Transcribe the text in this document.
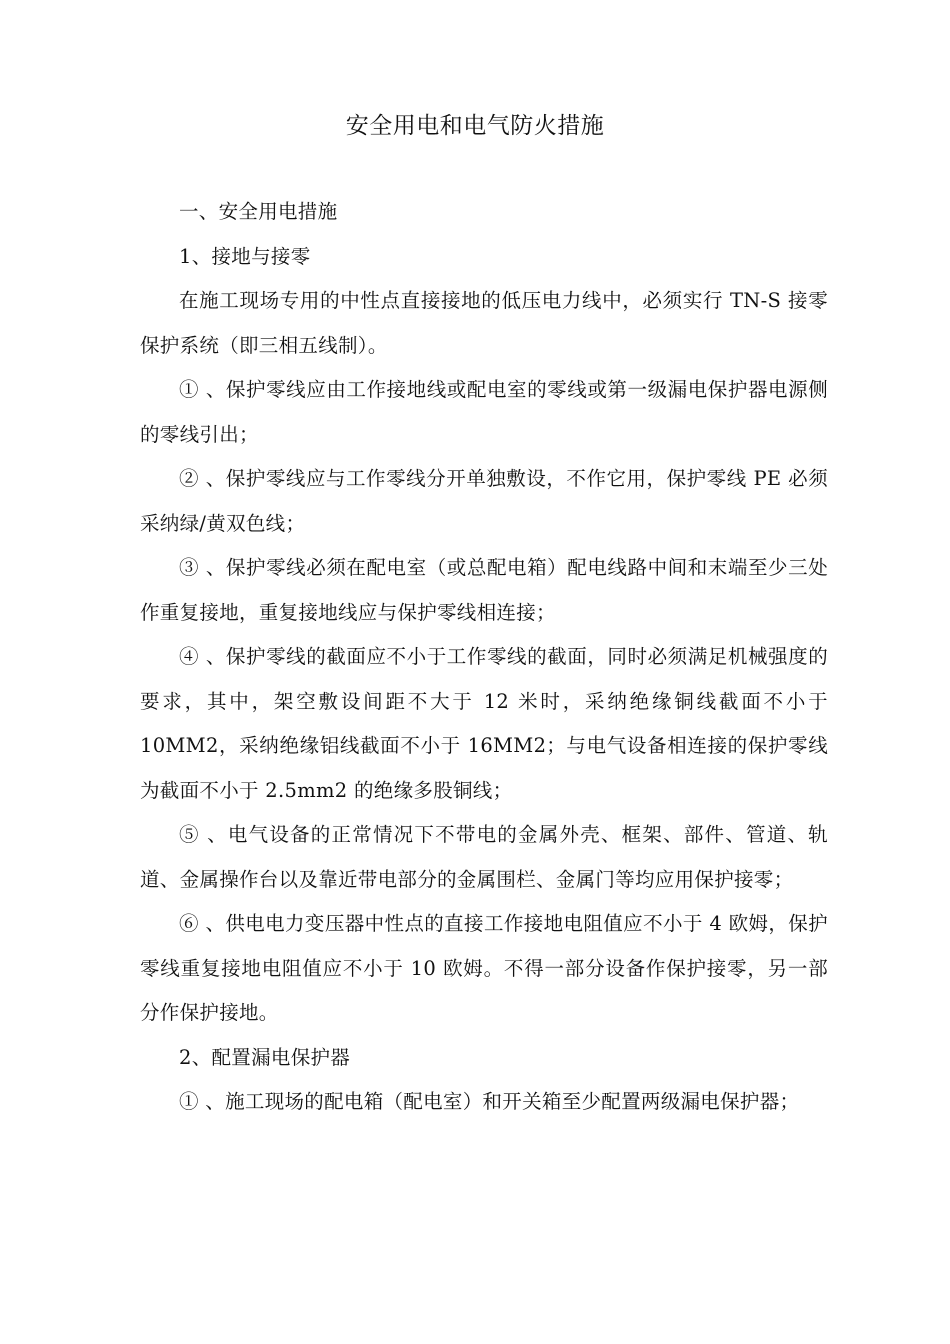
安全用电和电气防火措施

一、安全用电措施

1、接地与接零

在施工现场专用的中性点直接接地的低压电力线中，必须实行 TN-S 接零保护系统（即三相五线制）。

① 、保护零线应由工作接地线或配电室的零线或第一级漏电保护器电源侧的零线引出；

② 、保护零线应与工作零线分开单独敷设，不作它用，保护零线 PE 必须采纳绿/黄双色线；

③ 、保护零线必须在配电室（或总配电箱）配电线路中间和末端至少三处作重复接地，重复接地线应与保护零线相连接；

④ 、保护零线的截面应不小于工作零线的截面，同时必须满足机械强度的要求，其中，架空敷设间距不大于 12 米时，采纳绝缘铜线截面不小于 10MM2，采纳绝缘铝线截面不小于 16MM2；与电气设备相连接的保护零线为截面不小于 2.5mm2 的绝缘多股铜线；

⑤ 、电气设备的正常情况下不带电的金属外壳、框架、部件、管道、轨道、金属操作台以及靠近带电部分的金属围栏、金属门等均应用保护接零；

⑥ 、供电电力变压器中性点的直接工作接地电阻值应不小于 4 欧姆，保护零线重复接地电阻值应不小于 10 欧姆。不得一部分设备作保护接零，另一部分作保护接地。

2、配置漏电保护器

① 、施工现场的配电箱（配电室）和开关箱至少配置两级漏电保护器；
